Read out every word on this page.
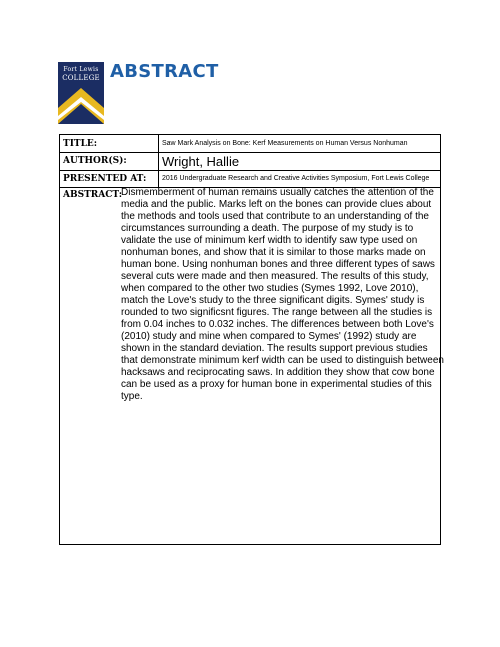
Fort Lewis
COLLEGE ABSTRACT
TITLE:	Saw Mark Analysis on Bone: Kerf Measurements on Human Versus Nonhuman
AUTHOR(S):	Wright, Hallie
PRESENTED AT:	2016 Undergraduate Research and Creative Activities Symposium, Fort Lewis College
ABSTRACT:

Dismemberment of human remains usually catches the attention of the
media and the public. Marks left on the bones can provide clues about
the methods and tools used that contribute to an understanding of the
circumstances surrounding a death. The purpose of my study is to
validate the use of minimum kerf width to identify saw type used on
nonhuman bones, and show that it is similar to those marks made on
human bone. Using nonhuman bones and three different types of saws
several cuts were made and then measured. The results of this study,
when compared to the other two studies (Symes 1992, Love 2010),
match the Love's study to the three significant digits. Symes' study is
rounded to two significsnt figures. The range between all the studies is
from 0.04 inches to 0.032 inches. The differences between both Love's
(2010) study and mine when compared to Symes' (1992) study are
shown in the standard deviation. The results support previous studies
that demonstrate minimum kerf width can be used to distinguish between
hacksaws and reciprocating saws. In addition they show that cow bone
can be used as a proxy for human bone in experimental studies of this
type.
